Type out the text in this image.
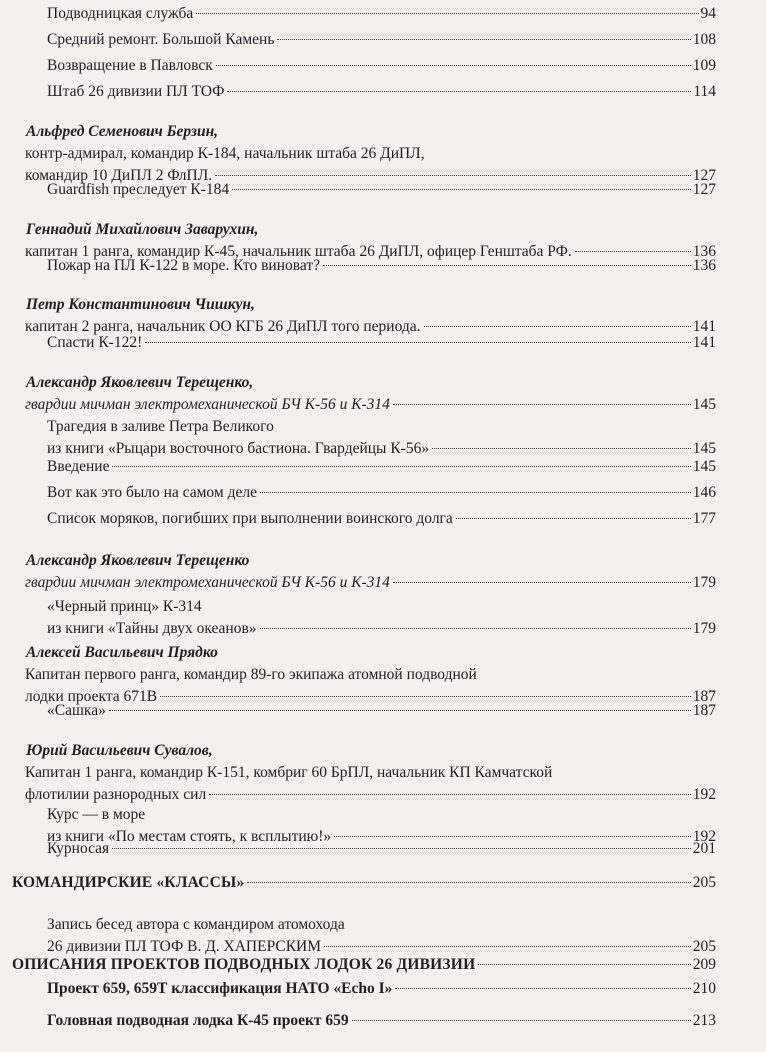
Подводницкая служба	94
Средний ремонт. Большой Камень	108
Возвращение в Павловск	109
Штаб 26 дивизии ПЛ ТОФ	114
Альфред Семенович Берзин,
контр-адмирал, командир К-184, начальник штаба 26 ДиПЛ,
командир 10 ДиПЛ 2 ФлПЛ.	127
Guardfish преследует К-184	127
Геннадий Михайлович Заварухин,
капитан 1 ранга, командир К-45, начальник штаба 26 ДиПЛ, офицер Генштаба РФ.	136
Пожар на ПЛ К-122 в море. Кто виноват?	136
Петр Константинович Чишкун,
капитан 2 ранга, начальник ОО КГБ 26 ДиПЛ того периода.	141
Спасти К-122!	141
Александр Яковлевич Терещенко,
гвардии мичман электромеханической БЧ К-56 и К-314	145
Трагедия в заливе Петра Великого
из книги «Рыцари восточного бастиона. Гвардейцы К-56»	145
Введение	145
Вот как это было на самом деле	146
Список моряков, погибших при выполнении воинского долга	177
Александр Яковлевич Терещенко
гвардии мичман электромеханической БЧ К-56 и К-314	179
«Черный принц» К-314
из книги «Тайны двух океанов»	179
Алексей Васильевич Прядко
Капитан первого ранга, командир 89-го экипажа атомной подводной
лодки проекта 671В	187
«Сашка»	187
Юрий Васильевич Сувалов,
Капитан 1 ранга, командир К-151, комбриг 60 БрПЛ, начальник КП Камчатской
флотилии разнородных сил	192
Курс — в море
из книги «По местам стоять, к всплытию!»	192
Курносая	201
КОМАНДИРСКИЕ «КЛАССЫ»	205
Запись бесед автора с командиром атомохода
26 дивизии ПЛ ТОФ В. Д. ХАПЕРСКИМ	205
ОПИСАНИЯ ПРОЕКТОВ ПОДВОДНЫХ ЛОДОК 26 ДИВИЗИИ	209
Проект 659, 659Т классификация НАТО «Echo I»	210
Головная подводная лодка К-45 проект 659	213
